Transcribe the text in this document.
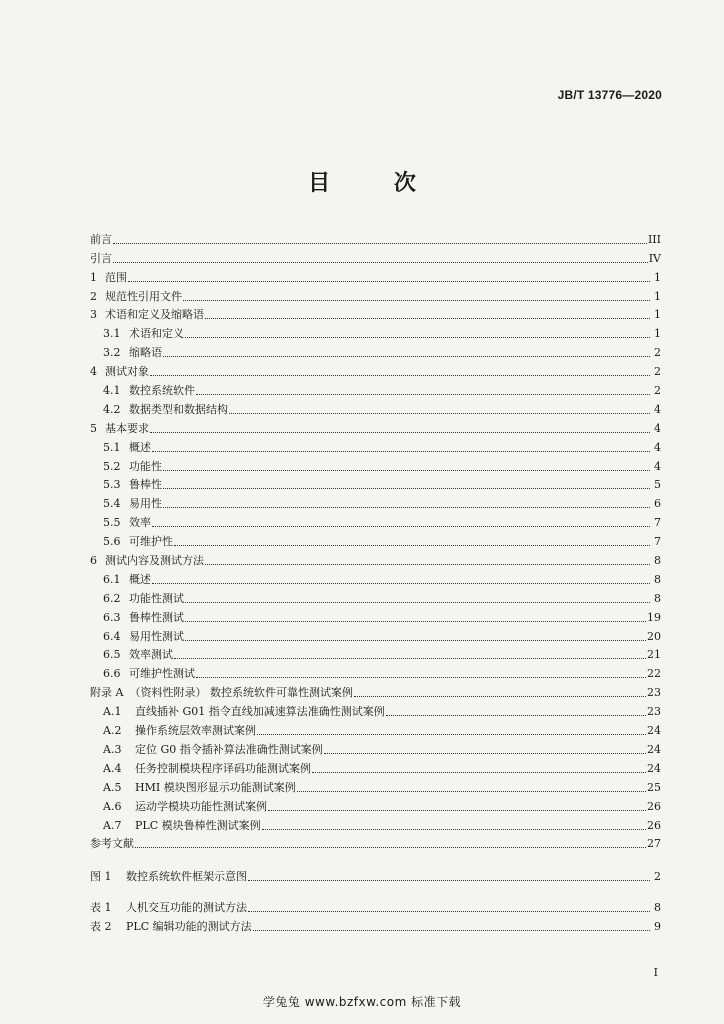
JB/T 13776—2020
目 次
前言	III
引言	IV
1 范围	1
2 规范性引用文件	1
3 术语和定义及缩略语	1
3.1 术语和定义	1
3.2 缩略语	2
4 测试对象	2
4.1 数控系统软件	2
4.2 数据类型和数据结构	4
5 基本要求	4
5.1 概述	4
5.2 功能性	4
5.3 鲁棒性	5
5.4 易用性	6
5.5 效率	7
5.6 可维护性	7
6 测试内容及测试方法	8
6.1 概述	8
6.2 功能性测试	8
6.3 鲁棒性测试	19
6.4 易用性测试	20
6.5 效率测试	21
6.6 可维护性测试	22
附录 A （资料性附录） 数控系统软件可靠性测试案例	23
A.1	直线插补 G01 指令直线加减速算法准确性测试案例	23
A.2	操作系统层效率测试案例	24
A.3	定位 G0 指令插补算法准确性测试案例	24
A.4	任务控制模块程序译码功能测试案例	24
A.5	HMI 模块图形显示功能测试案例	25
A.6	运动学模块功能性测试案例	26
A.7	PLC 模块鲁棒性测试案例	26
参考文献	27
图 1	数控系统软件框架示意图	2
表 1	人机交互功能的测试方法	8
表 2	PLC 编辑功能的测试方法	9
I
学兔兔 www.bzfxw.com 标准下载
